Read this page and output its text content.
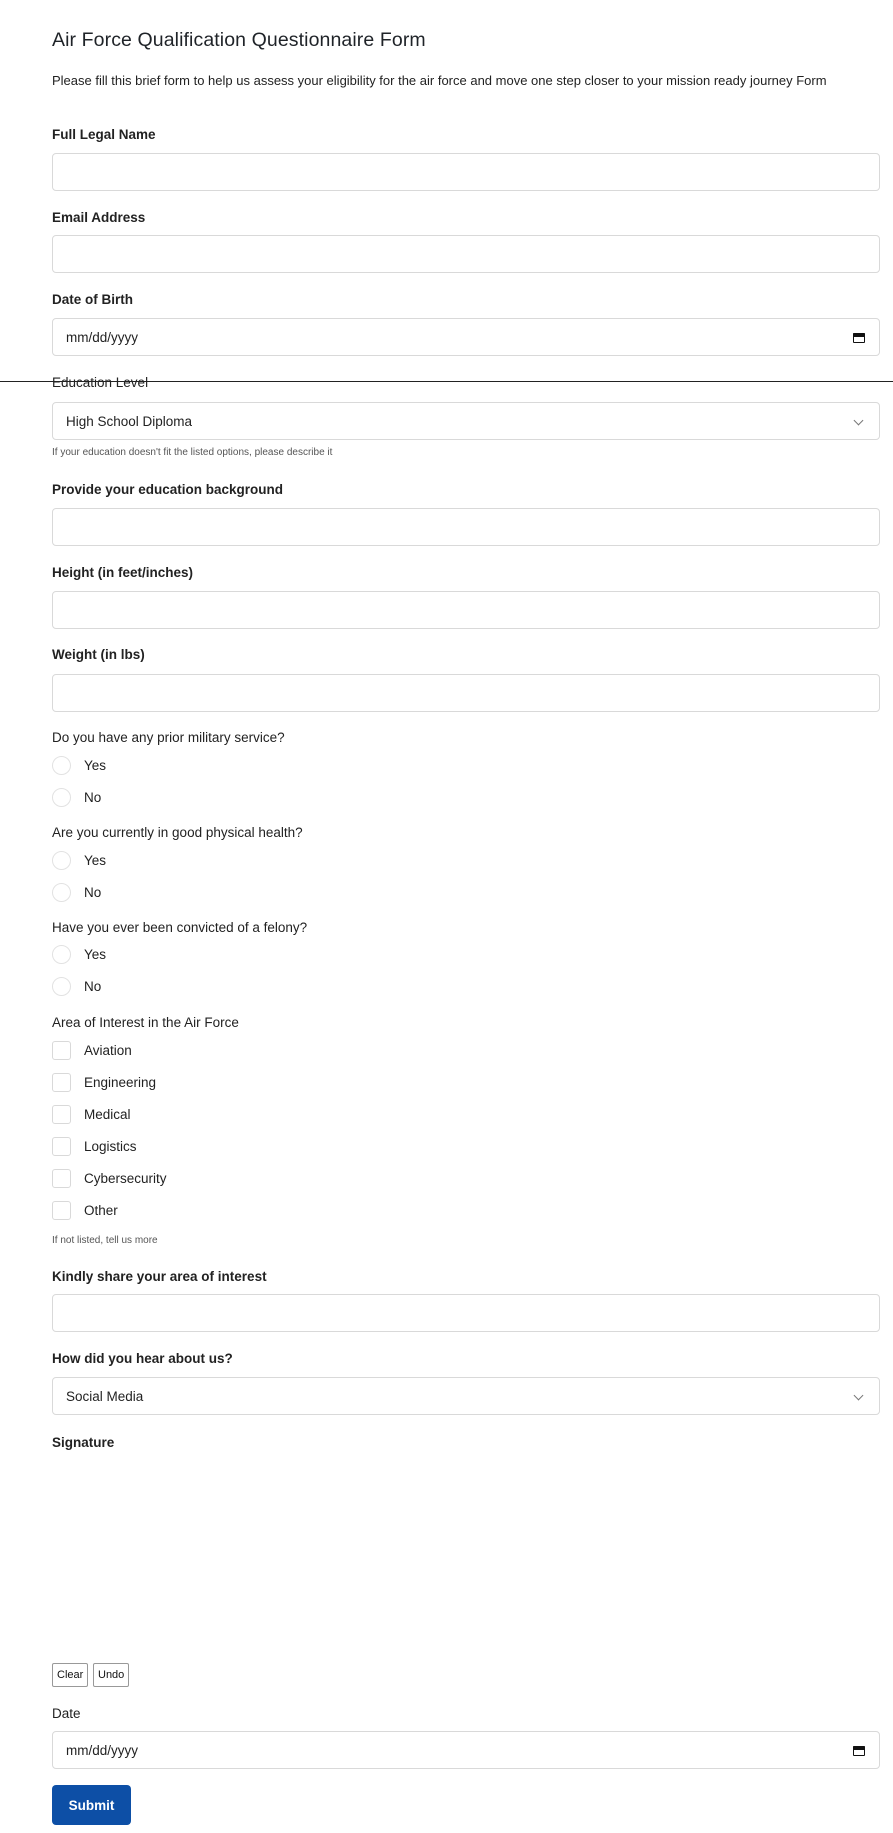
Air Force Qualification Questionnaire Form
Please fill this brief form to help us assess your eligibility for the air force and move one step closer to your mission ready journey Form
Full Legal Name
Email Address
Date of Birth
mm/dd/yyyy
Education Level
High School Diploma
If your education doesn't fit the listed options, please describe it
Provide your education background
Height (in feet/inches)
Weight (in lbs)
Do you have any prior military service?
Yes
No
Are you currently in good physical health?
Yes
No
Have you ever been convicted of a felony?
Yes
No
Area of Interest in the Air Force
Aviation
Engineering
Medical
Logistics
Cybersecurity
Other
If not listed, tell us more
Kindly share your area of interest
How did you hear about us?
Social Media
Signature
Clear	Undo
Date
mm/dd/yyyy
Submit
